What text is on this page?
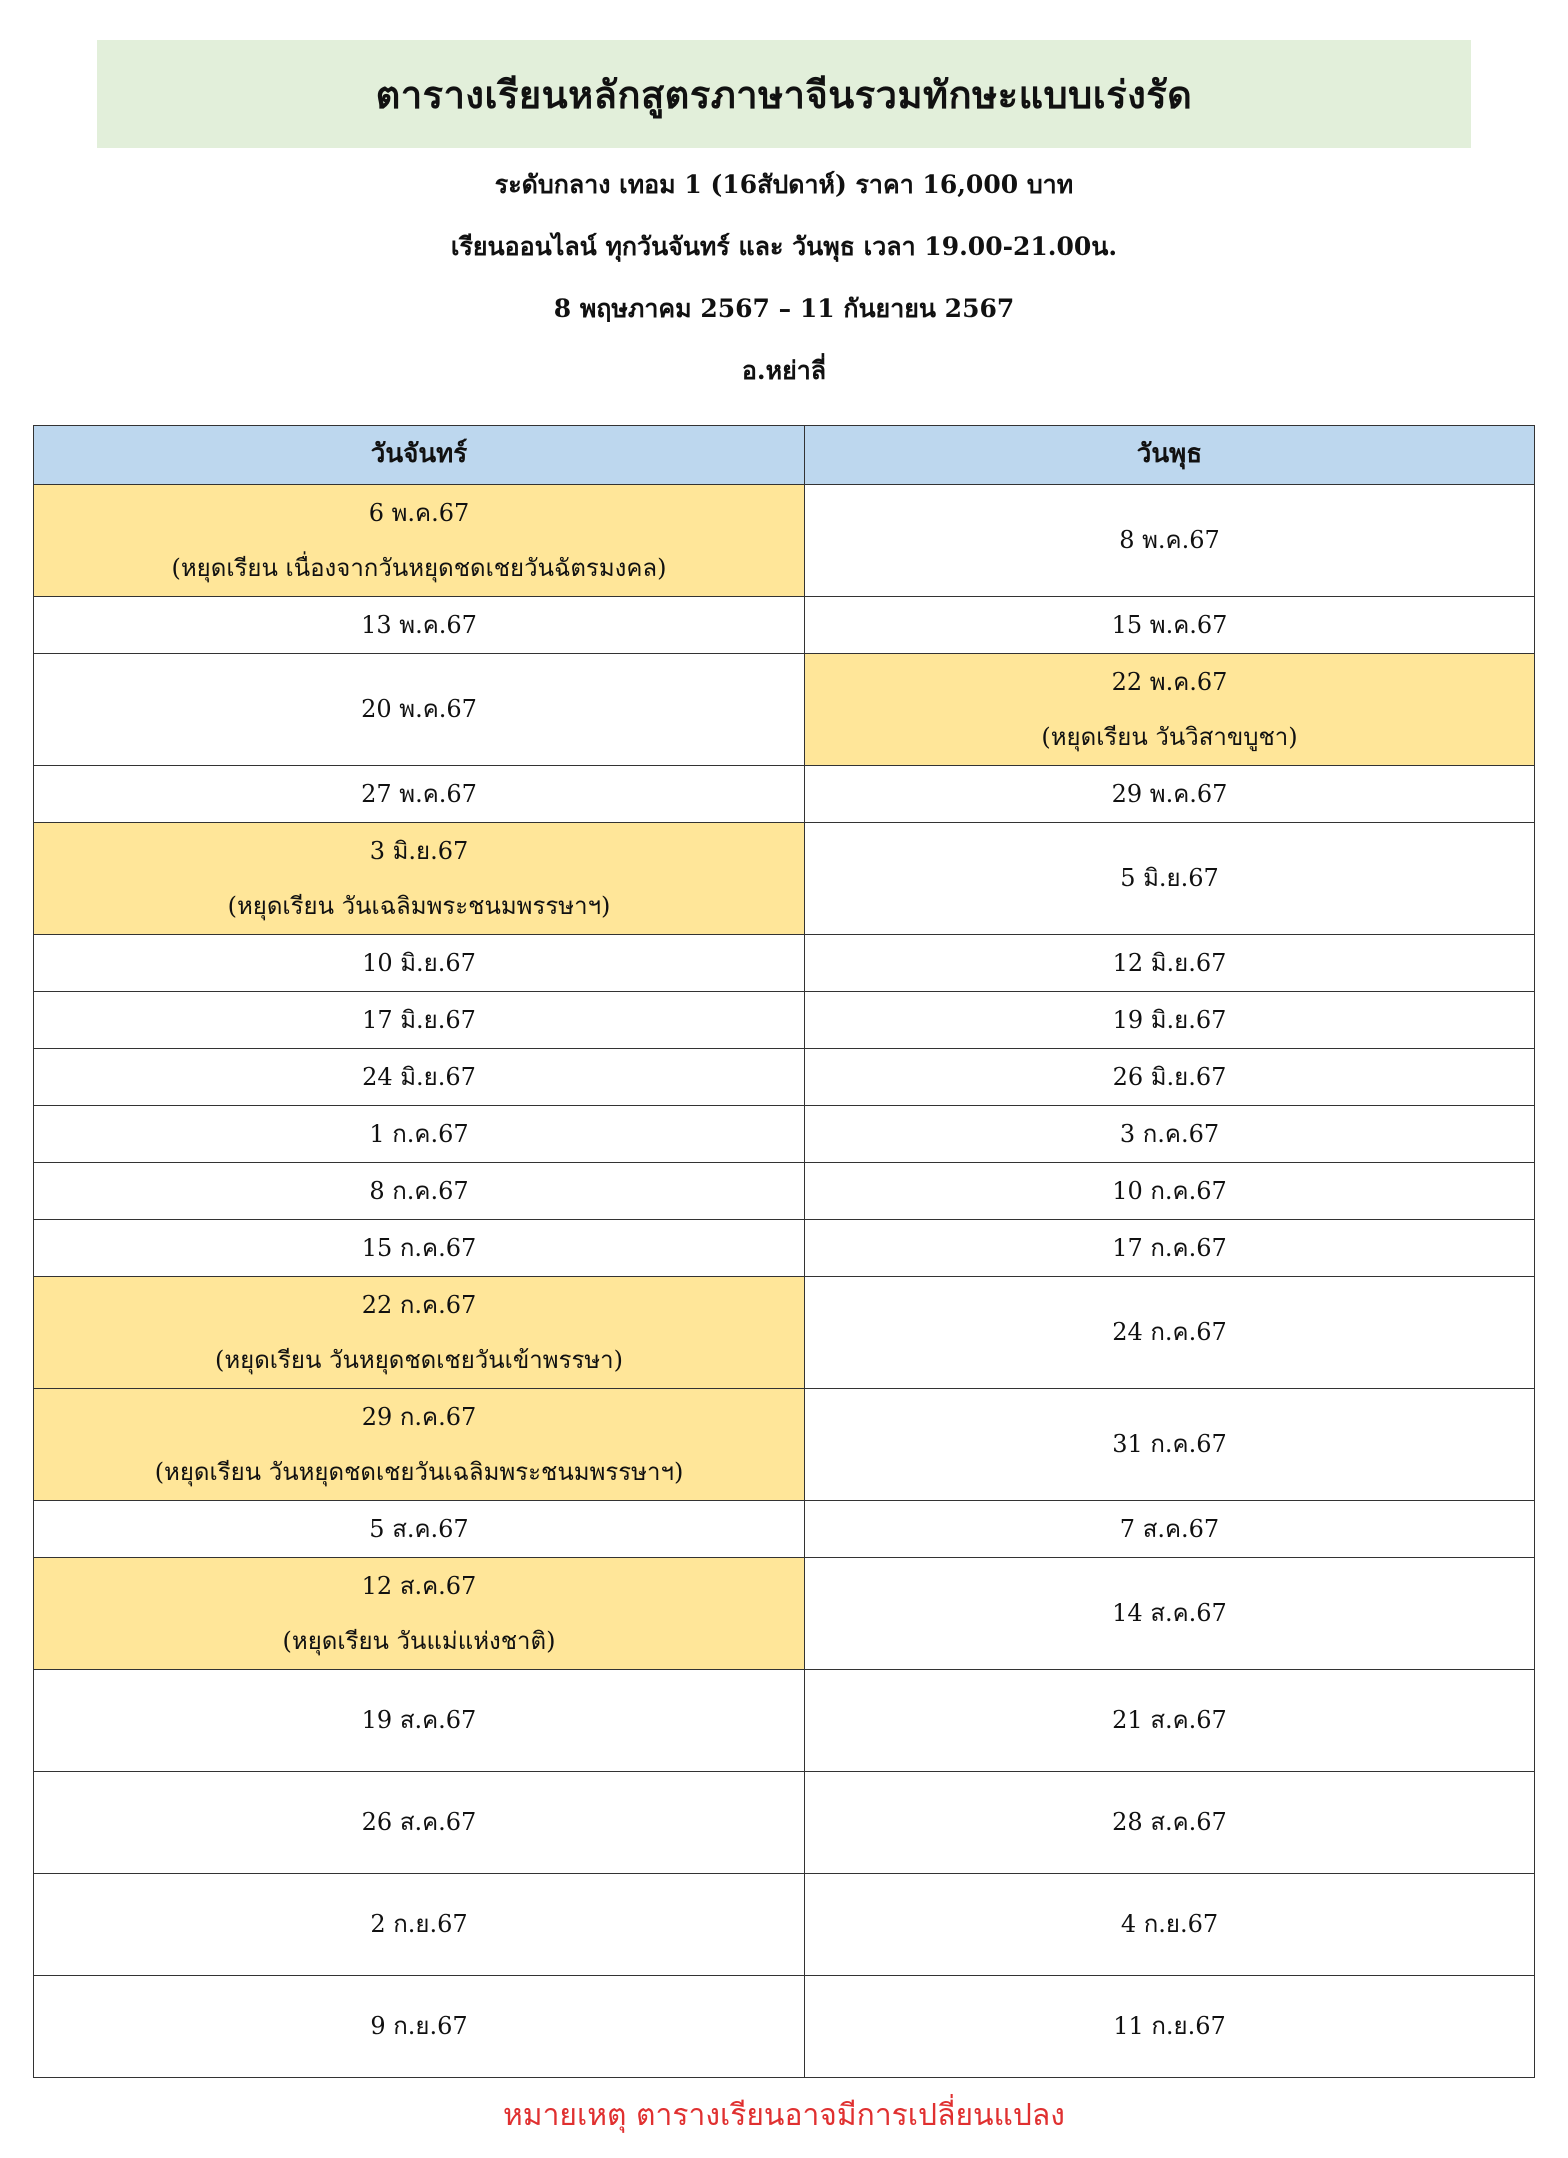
ตารางเรียนหลักสูตรภาษาจีนรวมทักษะแบบเร่งรัด

ระดับกลาง เทอม 1 (16สัปดาห์) ราคา 16,000 บาท

เรียนออนไลน์ ทุกวันจันทร์ และ วันพุธ เวลา 19.00-21.00น.

8 พฤษภาคม 2567 – 11 กันยายน 2567

อ.หย่าลี่

วันจันทร์	วันพุธ

6 พ.ค.67
(หยุดเรียน เนื่องจากวันหยุดชดเชยวันฉัตรมงคล)	8 พ.ค.67

13 พ.ค.67	15 พ.ค.67

20 พ.ค.67	22 พ.ค.67
(หยุดเรียน วันวิสาขบูชา)

27 พ.ค.67	29 พ.ค.67

3 มิ.ย.67
(หยุดเรียน วันเฉลิมพระชนมพรรษาฯ)	5 มิ.ย.67

10 มิ.ย.67	12 มิ.ย.67

17 มิ.ย.67	19 มิ.ย.67

24 มิ.ย.67	26 มิ.ย.67

1 ก.ค.67	3 ก.ค.67

8 ก.ค.67	10 ก.ค.67

15 ก.ค.67	17 ก.ค.67

22 ก.ค.67
(หยุดเรียน วันหยุดชดเชยวันเข้าพรรษา)	24 ก.ค.67

29 ก.ค.67
(หยุดเรียน วันหยุดชดเชยวันเฉลิมพระชนมพรรษาฯ)	31 ก.ค.67

5 ส.ค.67	7 ส.ค.67

12 ส.ค.67
(หยุดเรียน วันแม่แห่งชาติ)	14 ส.ค.67

19 ส.ค.67	21 ส.ค.67

26 ส.ค.67	28 ส.ค.67

2 ก.ย.67	4 ก.ย.67

9 ก.ย.67	11 ก.ย.67

หมายเหตุ ตารางเรียนอาจมีการเปลี่ยนแปลง
